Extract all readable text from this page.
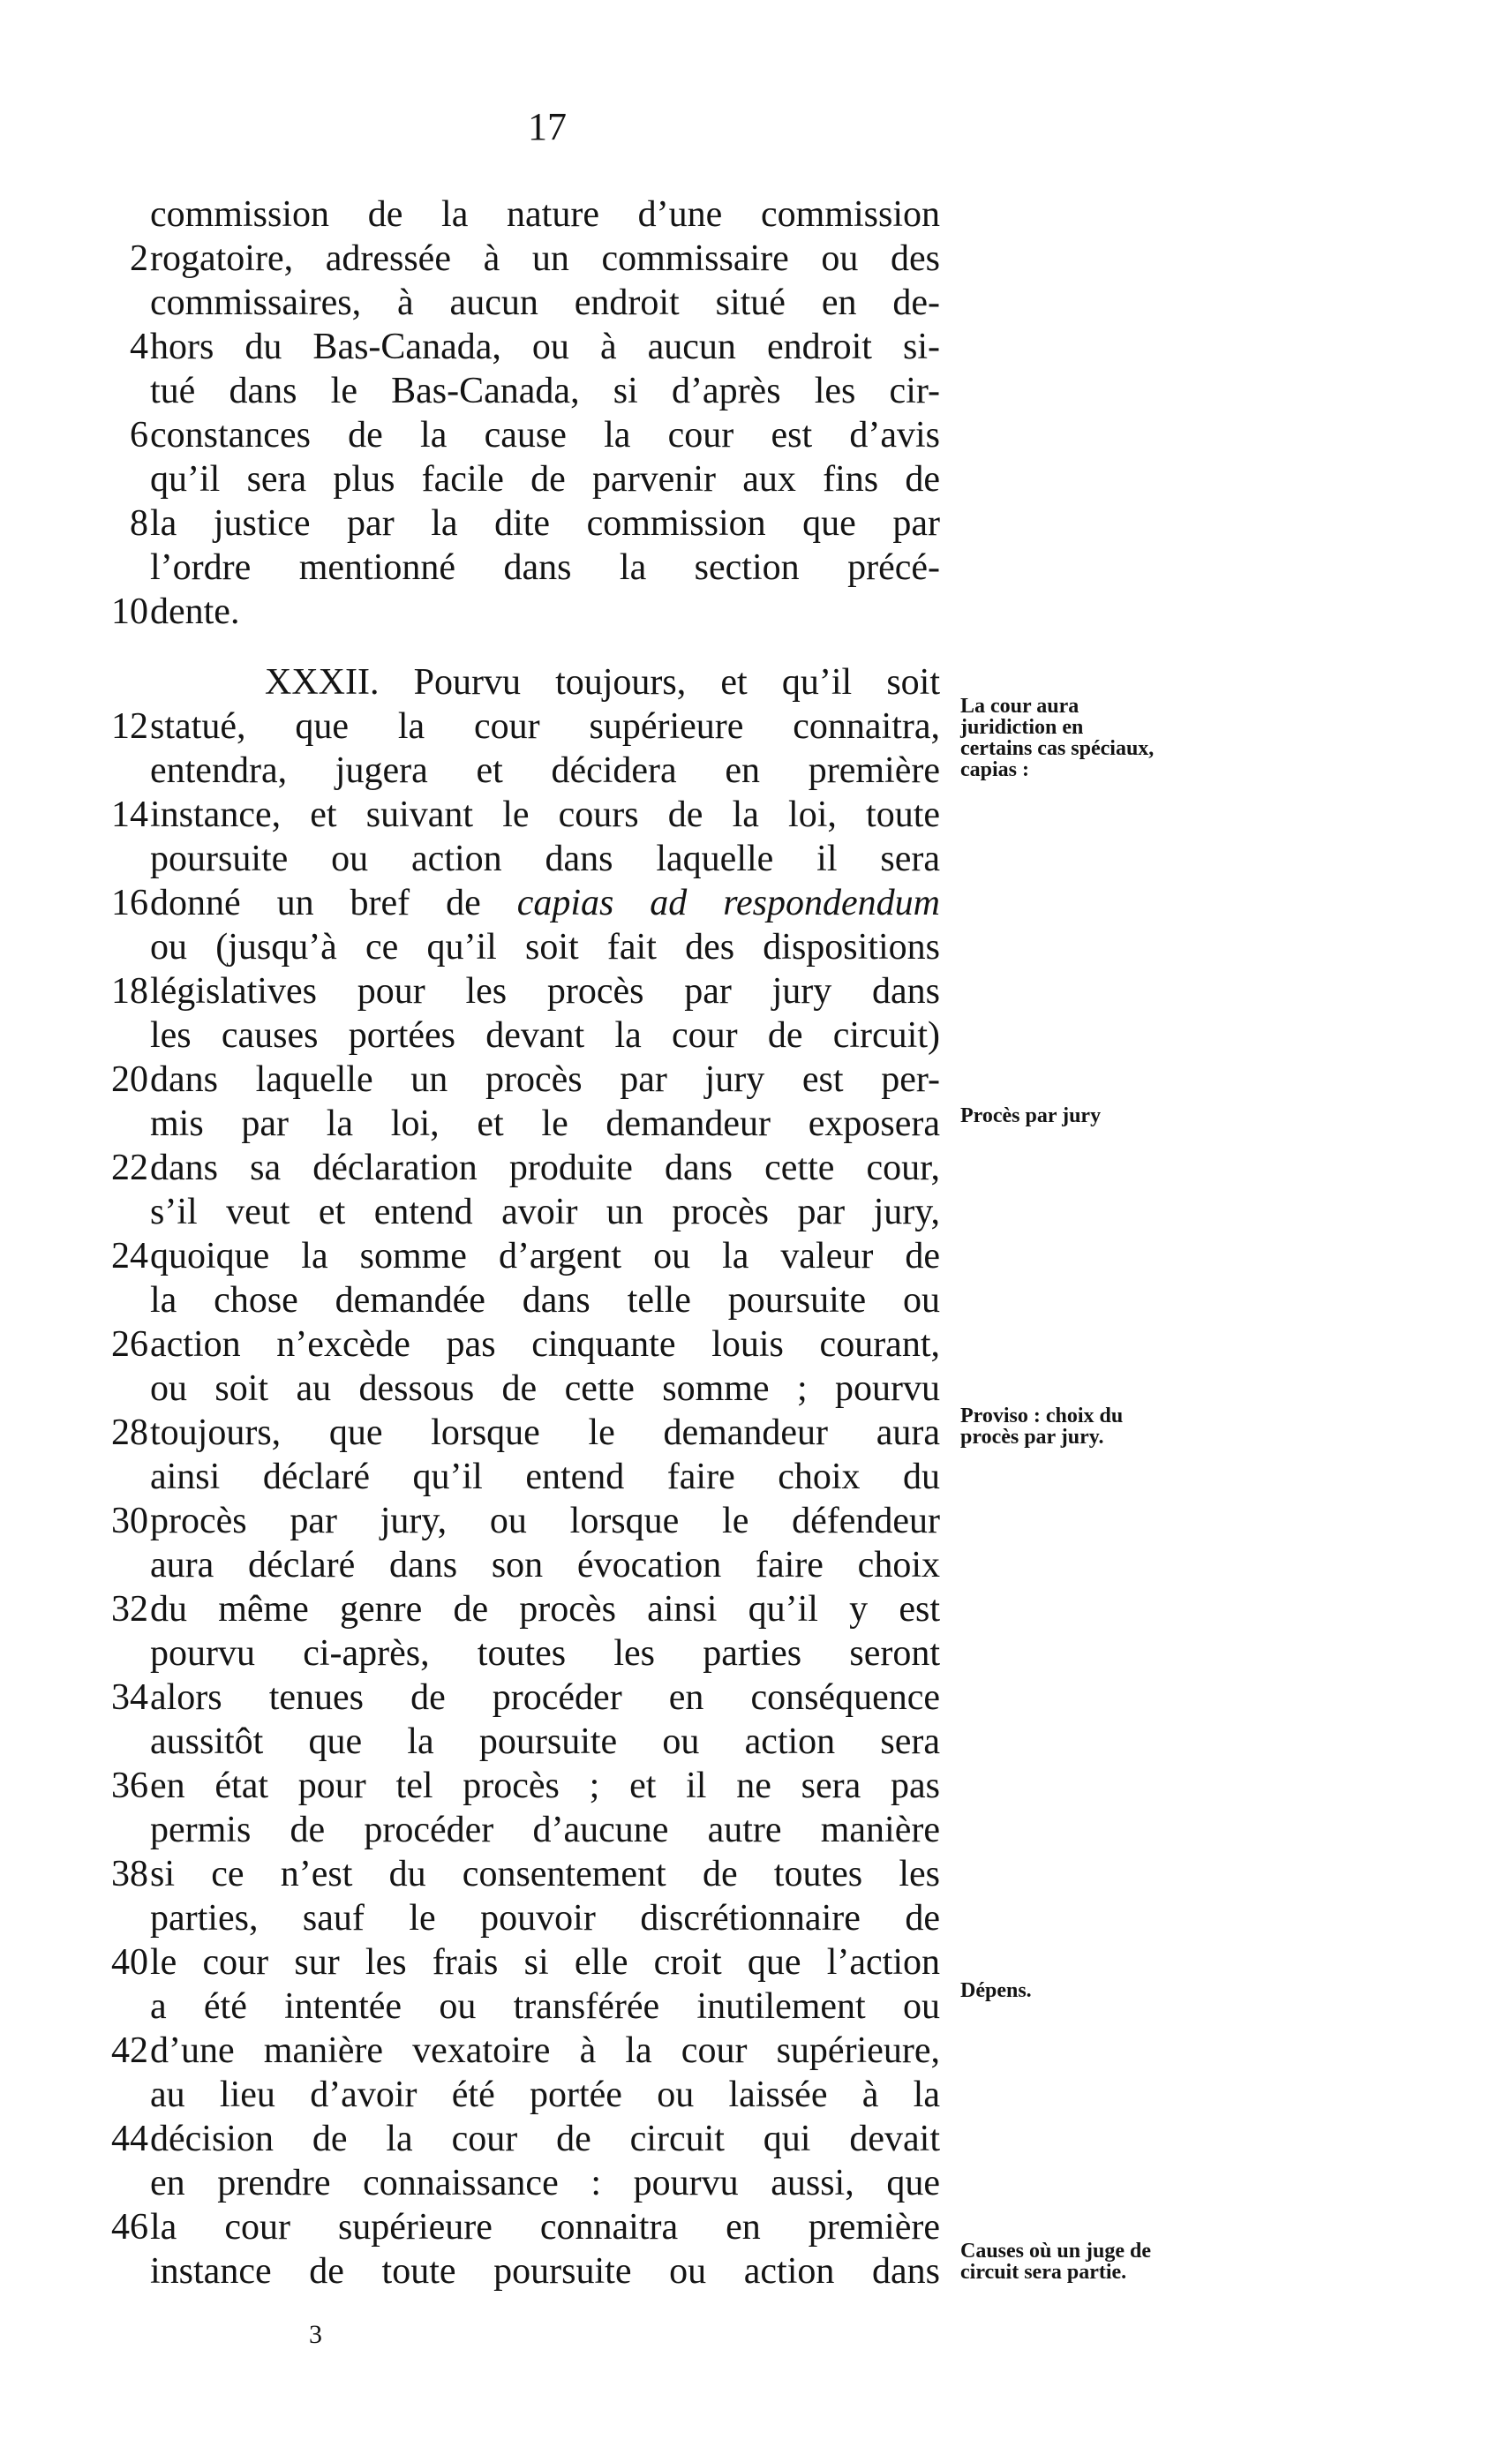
17
commission de la nature d’une commission
2 rogatoire, adressée à un commissaire ou des
commissaires, à aucun endroit situé en de-
4 hors du Bas-Canada, ou à aucun endroit si-
tué dans le Bas-Canada, si d’après les cir-
6 constances de la cause la cour est d’avis
qu’il sera plus facile de parvenir aux fins de
8 la justice par la dite commission que par
l’ordre mentionné dans la section précé-
10 dente.
XXXII. Pourvu toujours, et qu’il soit
12 statué, que la cour supérieure connaitra,
entendra, jugera et décidera en première
14 instance, et suivant le cours de la loi, toute
poursuite ou action dans laquelle il sera
16 donné un bref de capias ad respondendum
ou (jusqu’à ce qu’il soit fait des dispositions
18 législatives pour les procès par jury dans
les causes portées devant la cour de circuit)
20 dans laquelle un procès par jury est per-
mis par la loi, et le demandeur exposera
22 dans sa déclaration produite dans cette cour,
s’il veut et entend avoir un procès par jury,
24 quoique la somme d’argent ou la valeur de
la chose demandée dans telle poursuite ou
26 action n’excède pas cinquante louis courant,
ou soit au dessous de cette somme ; pourvu
28 toujours, que lorsque le demandeur aura
ainsi déclaré qu’il entend faire choix du
30 procès par jury, ou lorsque le défendeur
aura déclaré dans son évocation faire choix
32 du même genre de procès ainsi qu’il y est
pourvu ci-après, toutes les parties seront
34 alors tenues de procéder en conséquence
aussitôt que la poursuite ou action sera
36 en état pour tel procès ; et il ne sera pas
permis de procéder d’aucune autre manière
38 si ce n’est du consentement de toutes les
parties, sauf le pouvoir discrétionnaire de
40 le cour sur les frais si elle croit que l’action
a été intentée ou transférée inutilement ou
42 d’une manière vexatoire à la cour supérieure,
au lieu d’avoir été portée ou laissée à la
44 décision de la cour de circuit qui devait
en prendre connaissance : pourvu aussi, que
46 la cour supérieure connaitra en première
instance de toute poursuite ou action dans
La cour aura juridiction en certains cas spéciaux, capias :
Procès par jury
Proviso : choix du procès par jury.
Dépens.
Causes où un juge de circuit sera partie.
3
